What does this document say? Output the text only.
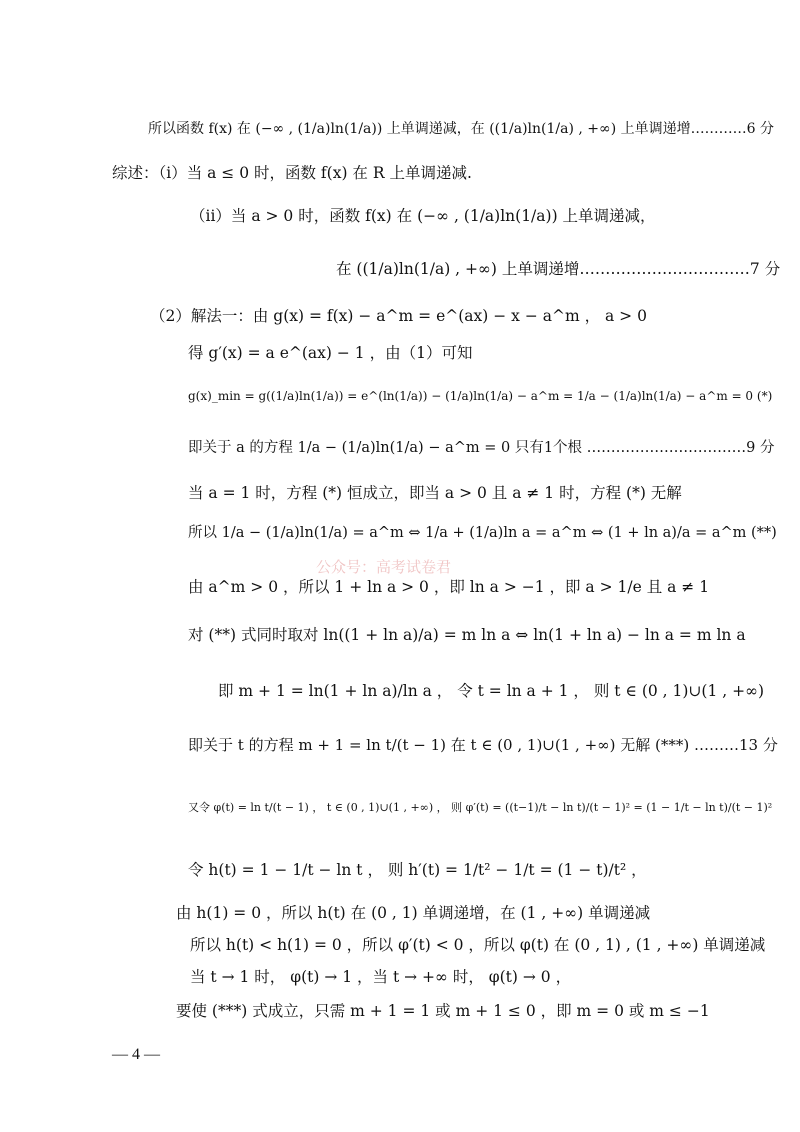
所以函数 f(x) 在 (−∞ , (1/a)ln(1/a)) 上单调递减，在 ((1/a)ln(1/a) , +∞) 上单调递增…………6 分
综述：（i）当 a ≤ 0 时，函数 f(x) 在 R 上单调递减.
（ii）当 a > 0 时，函数 f(x) 在 (−∞ , (1/a)ln(1/a)) 上单调递减，
在 ((1/a)ln(1/a) , +∞) 上单调递增……………………………7 分
（2）解法一：由 g(x) = f(x) − a^m = e^(ax) − x − a^m ， a > 0
得 g′(x) = a e^(ax) − 1 ，由（1）可知
g(x)_min = g((1/a)ln(1/a)) = e^(ln(1/a)) − (1/a)ln(1/a) − a^m = 1/a − (1/a)ln(1/a) − a^m = 0 (*)
即关于 a 的方程 1/a − (1/a)ln(1/a) − a^m = 0 只有1个根 ……………………………9 分
当 a = 1 时，方程 (*) 恒成立，即当 a > 0 且 a ≠ 1 时，方程 (*) 无解
所以 1/a − (1/a)ln(1/a) = a^m ⇔ 1/a + (1/a)ln a = a^m ⇔ (1 + ln a)/a = a^m (**)
公众号：高考试卷君
由 a^m > 0 ，所以 1 + ln a > 0 ，即 ln a > −1 ，即 a > 1/e 且 a ≠ 1
对 (**) 式同时取对 ln((1 + ln a)/a) = m ln a ⇔ ln(1 + ln a) − ln a = m ln a
即 m + 1 = ln(1 + ln a)/ln a ， 令 t = ln a + 1 ， 则 t ∈ (0 , 1)∪(1 , +∞)
即关于 t 的方程 m + 1 = ln t/(t − 1) 在 t ∈ (0 , 1)∪(1 , +∞) 无解 (***) ………13 分
又令 φ(t) = ln t/(t − 1) ， t ∈ (0 , 1)∪(1 , +∞) ， 则 φ′(t) = ((t−1)/t − ln t)/(t − 1)² = (1 − 1/t − ln t)/(t − 1)²
令 h(t) = 1 − 1/t − ln t ， 则 h′(t) = 1/t² − 1/t = (1 − t)/t² ，
由 h(1) = 0 ，所以 h(t) 在 (0 , 1) 单调递增，在 (1 , +∞) 单调递减
所以 h(t) < h(1) = 0 ，所以 φ′(t) < 0 ，所以 φ(t) 在 (0 , 1) , (1 , +∞) 单调递减
当 t → 1 时， φ(t) → 1 ，当 t → +∞ 时， φ(t) → 0 ，
要使 (***) 式成立，只需 m + 1 = 1 或 m + 1 ≤ 0 ，即 m = 0 或 m ≤ −1
— 4 —
